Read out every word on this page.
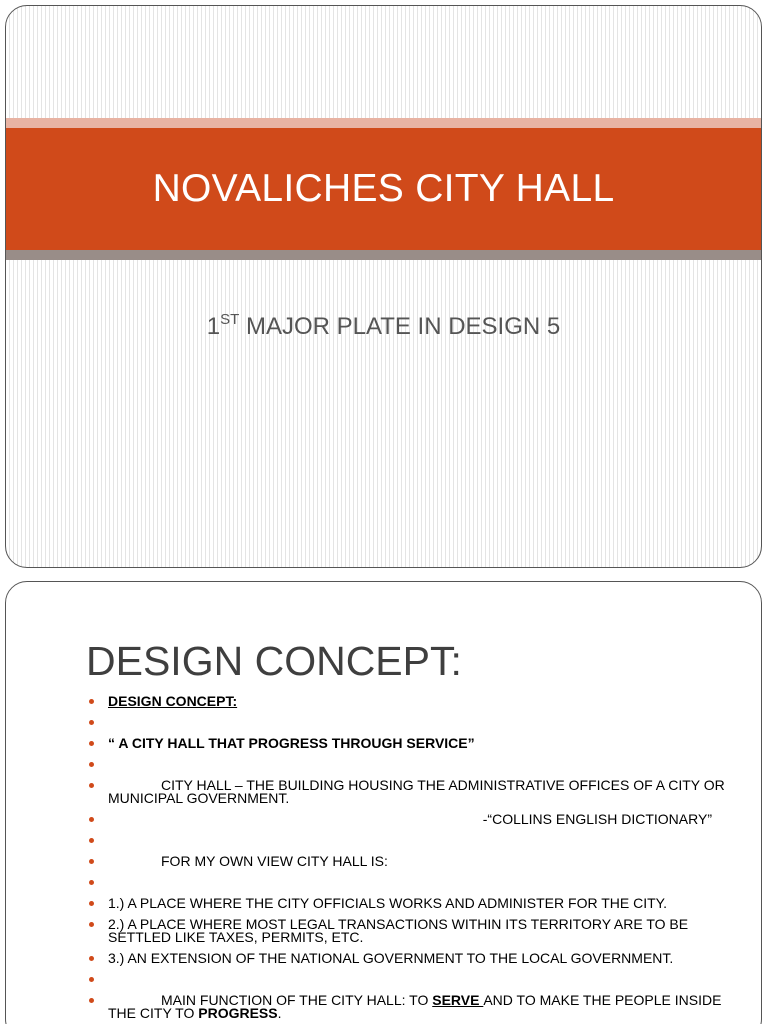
NOVALICHES CITY HALL
1ST MAJOR PLATE IN DESIGN 5
DESIGN CONCEPT:
DESIGN CONCEPT:
“ A CITY HALL THAT PROGRESS THROUGH SERVICE”
CITY HALL – THE BUILDING HOUSING THE ADMINISTRATIVE OFFICES OF A CITY OR MUNICIPAL GOVERNMENT.
-“COLLINS ENGLISH DICTIONARY”
FOR MY OWN VIEW CITY HALL IS:
1.) A PLACE WHERE THE CITY OFFICIALS WORKS AND ADMINISTER FOR THE CITY.
2.) A PLACE WHERE MOST LEGAL TRANSACTIONS WITHIN ITS TERRITORY ARE TO BE SETTLED LIKE TAXES, PERMITS, ETC.
3.) AN EXTENSION OF THE NATIONAL GOVERNMENT TO THE LOCAL GOVERNMENT.
MAIN FUNCTION OF THE CITY HALL: TO SERVE AND TO MAKE THE PEOPLE INSIDE THE CITY TO PROGRESS.
